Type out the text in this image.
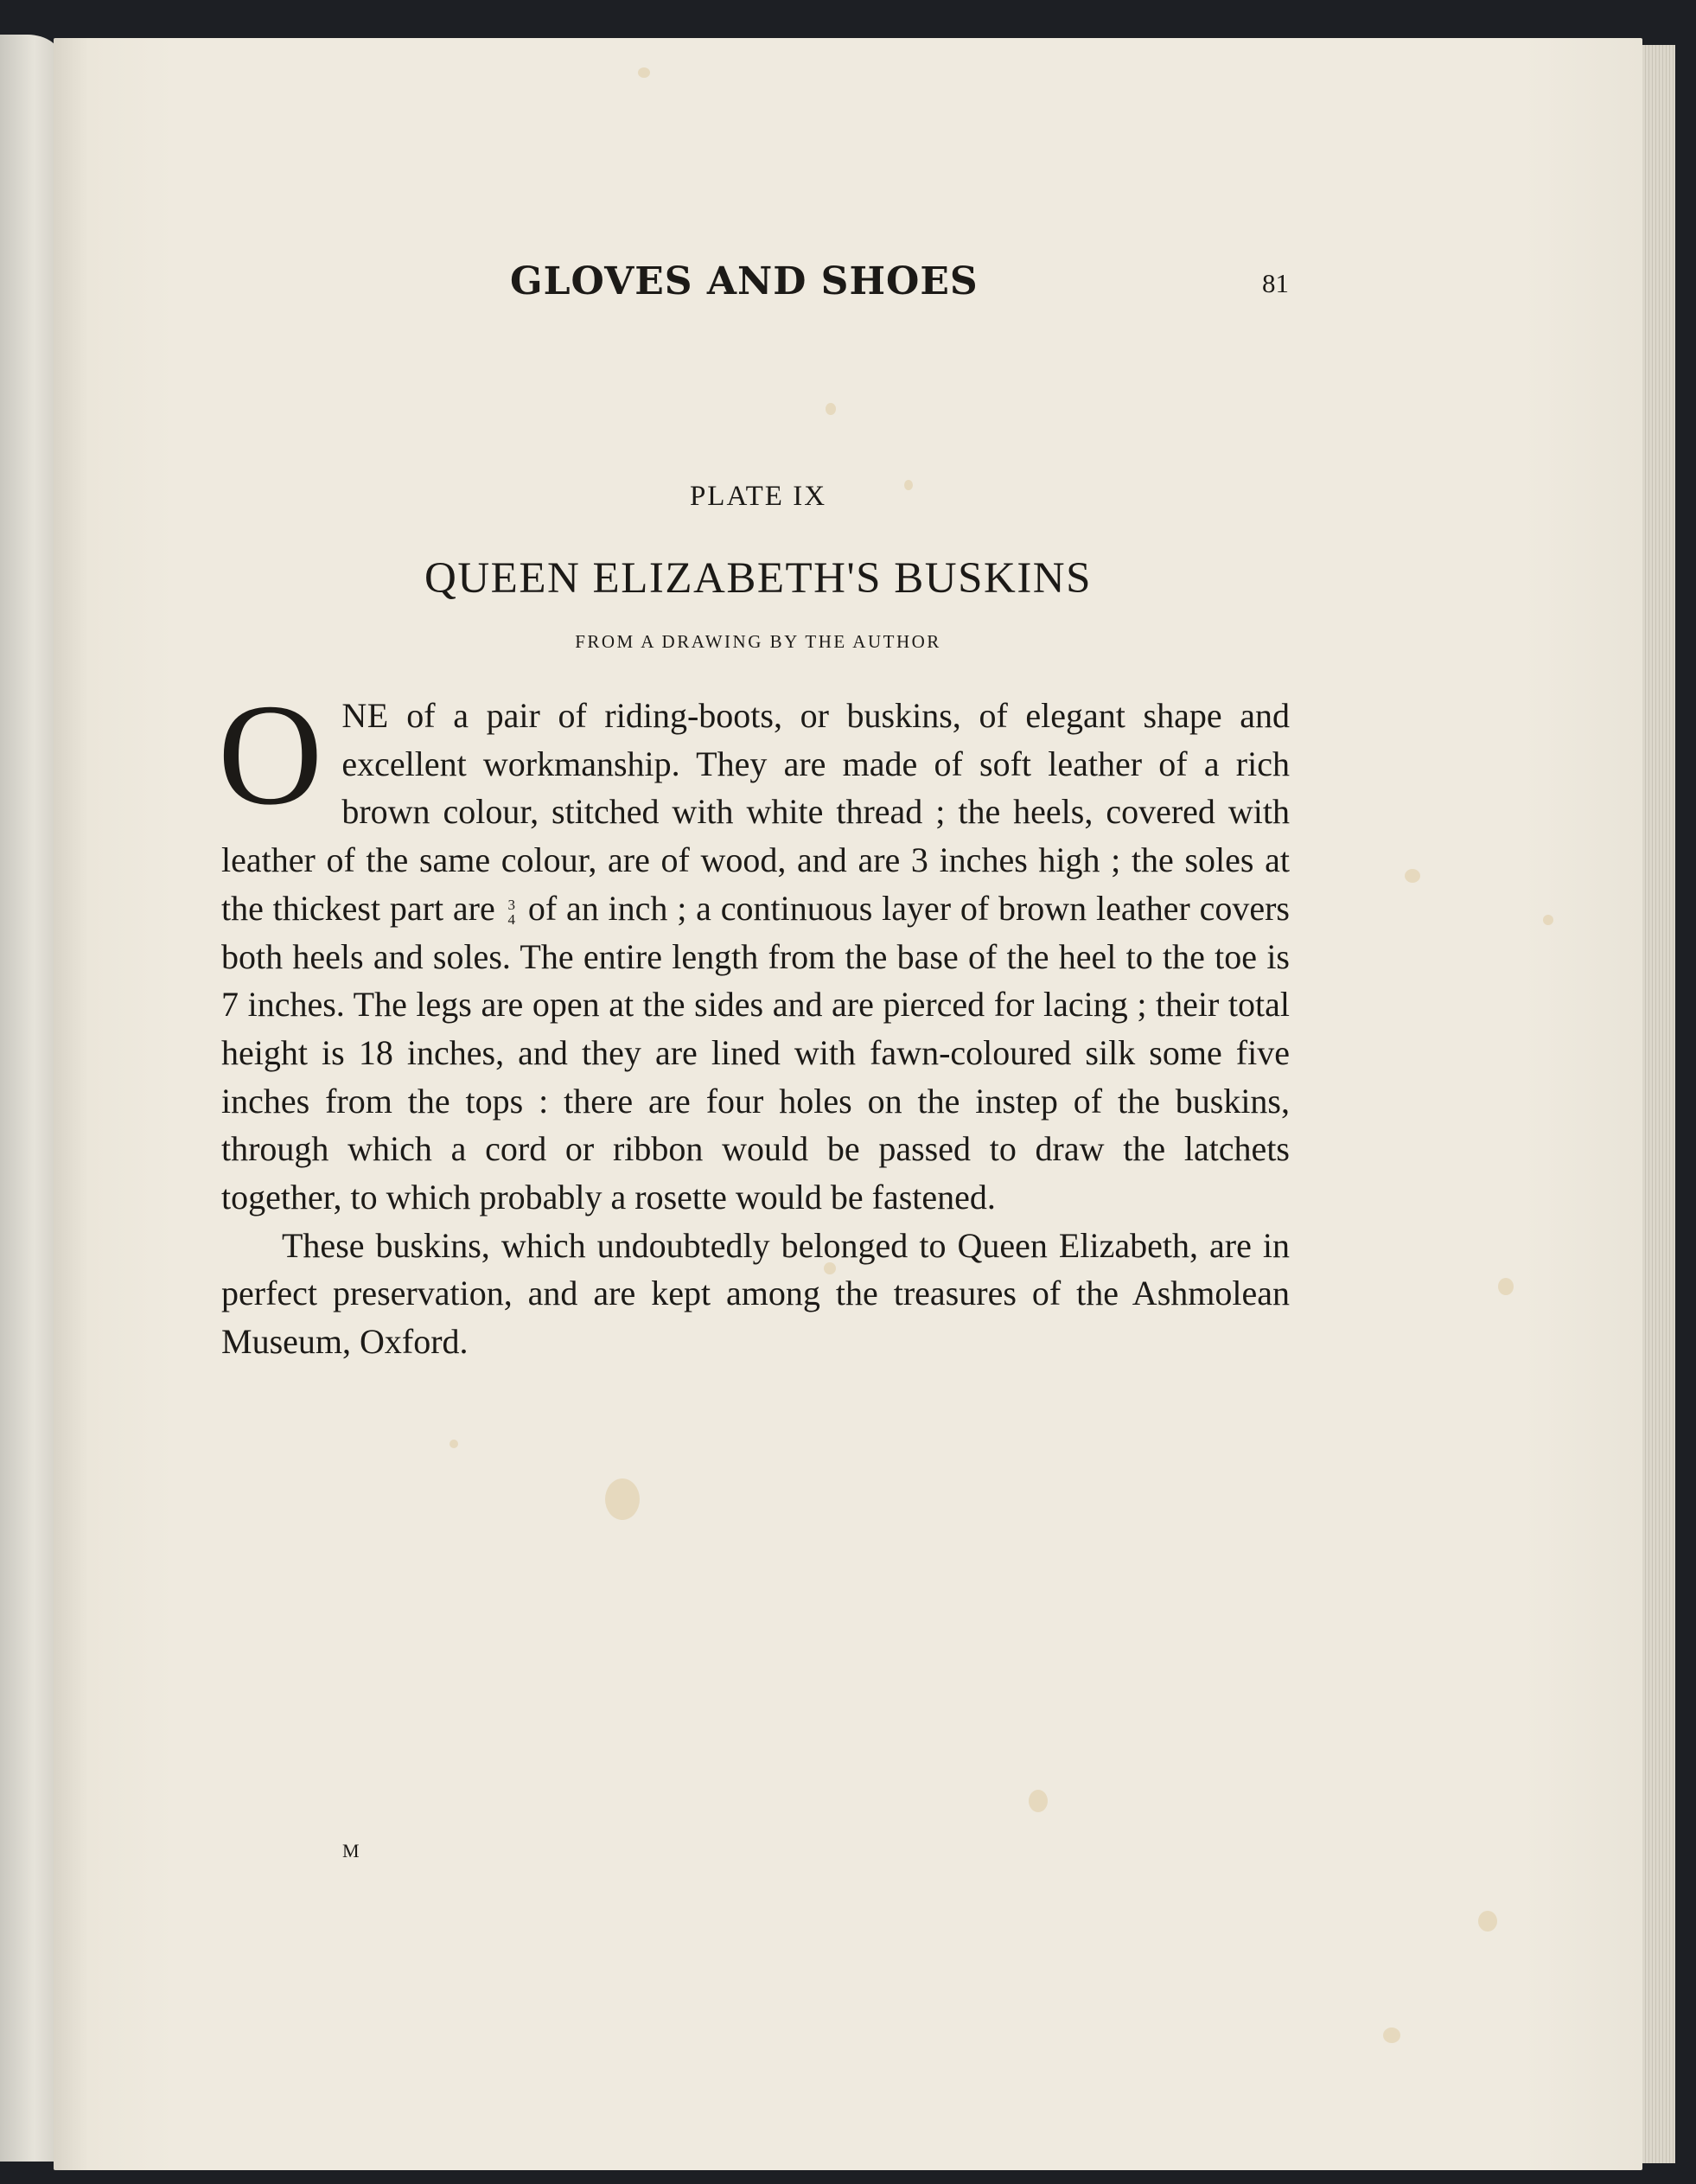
GLOVES AND SHOES	81
PLATE IX
QUEEN ELIZABETH'S BUSKINS
FROM A DRAWING BY THE AUTHOR

ONE of a pair of riding-boots, or buskins, of elegant shape and excellent workmanship. They are made of soft leather of a rich brown colour, stitched with white thread ; the heels, covered with leather of the same colour, are of wood, and are 3 inches high ; the soles at the thickest part are 3
4 of an inch ; a continuous layer of brown leather covers both heels and soles. The entire length from the base of the heel to the toe is 7 inches. The legs are open at the sides and are pierced for lacing ; their total height is 18 inches, and they are lined with fawn-coloured silk some five inches from the tops : there are four holes on the instep of the buskins, through which a cord or ribbon would be passed to draw the latchets together, to which probably a rosette would be fastened.

These buskins, which undoubtedly belonged to Queen Elizabeth, are in perfect preservation, and are kept among the treasures of the Ashmolean Museum, Oxford.

M
